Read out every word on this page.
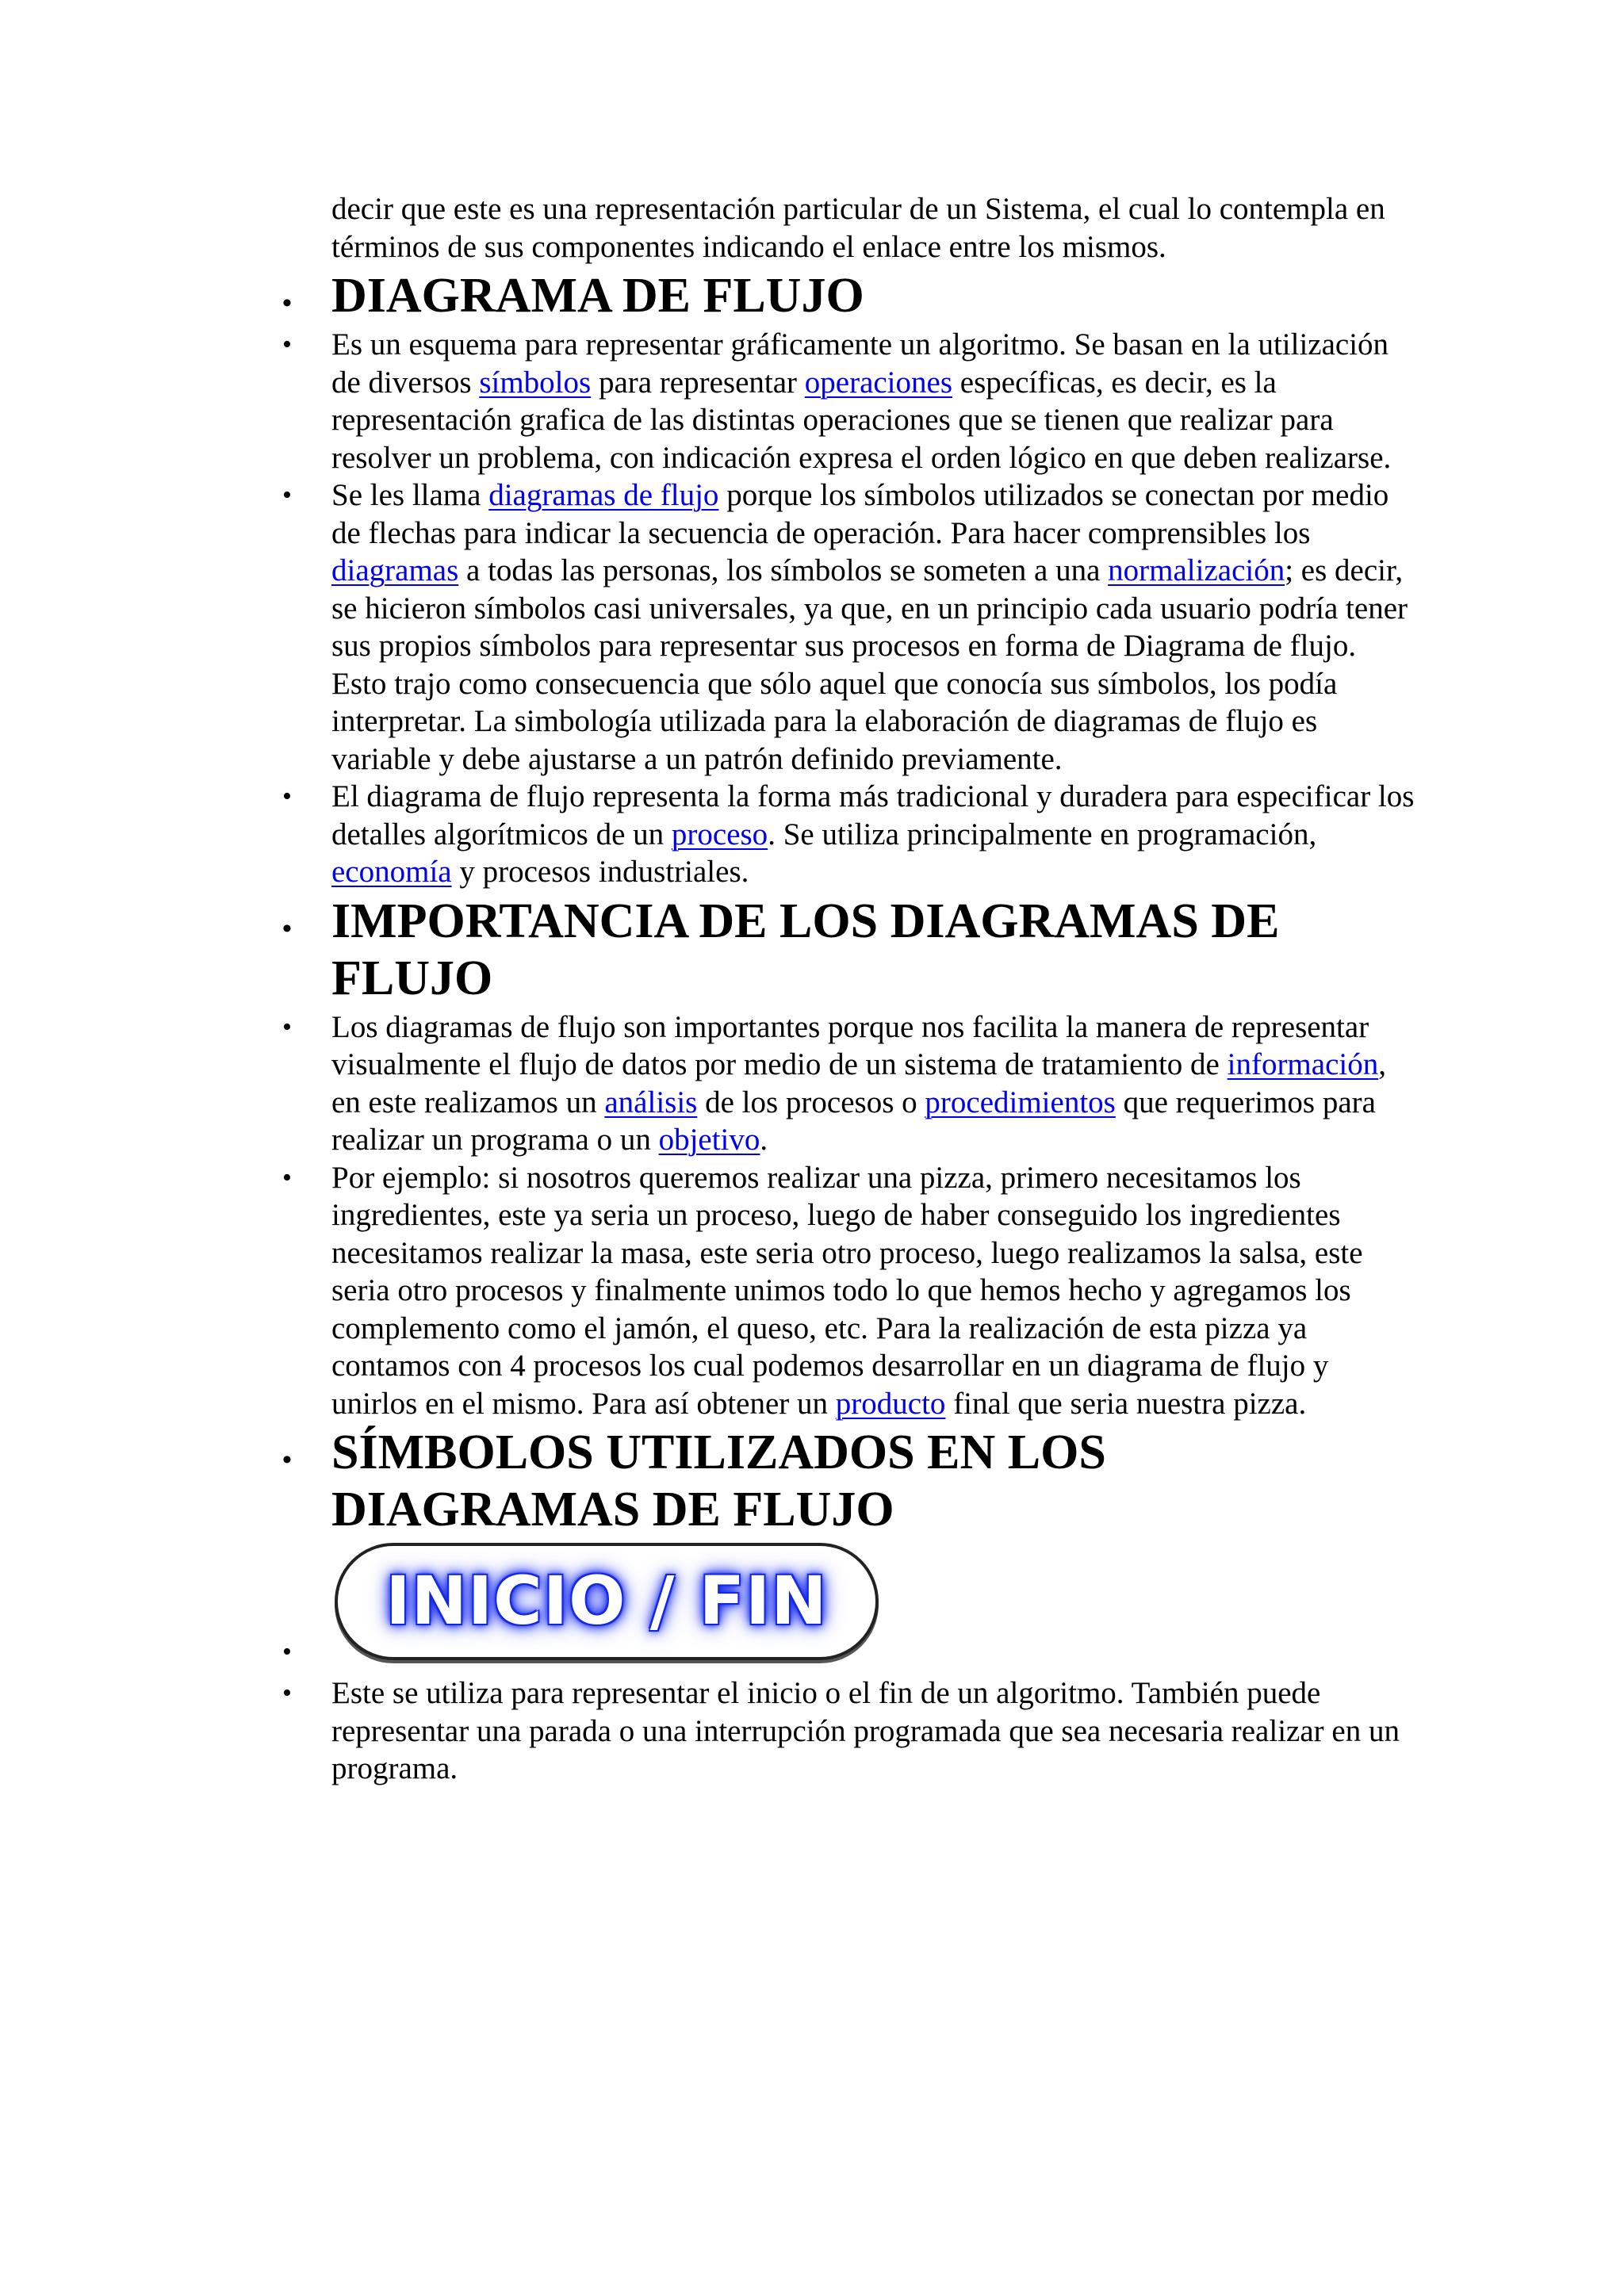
decir que este es una representación particular de un Sistema, el cual lo contempla en términos de sus componentes indicando el enlace entre los mismos.
• DIAGRAMA DE FLUJO
•	Es un esquema para representar gráficamente un algoritmo. Se basan en la utilización de diversos símbolos para representar operaciones específicas, es decir, es la representación grafica de las distintas operaciones que se tienen que realizar para resolver un problema, con indicación expresa el orden lógico en que deben realizarse.
•	Se les llama diagramas de flujo porque los símbolos utilizados se conectan por medio de flechas para indicar la secuencia de operación. Para hacer comprensibles los diagramas a todas las personas, los símbolos se someten a una normalización; es decir, se hicieron símbolos casi universales, ya que, en un principio cada usuario podría tener sus propios símbolos para representar sus procesos en forma de Diagrama de flujo. Esto trajo como consecuencia que sólo aquel que conocía sus símbolos, los podía interpretar. La simbología utilizada para la elaboración de diagramas de flujo es variable y debe ajustarse a un patrón definido previamente.
•	El diagrama de flujo representa la forma más tradicional y duradera para especificar los detalles algorítmicos de un proceso. Se utiliza principalmente en programación, economía y procesos industriales.
• IMPORTANCIA DE LOS DIAGRAMAS DE FLUJO
•	Los diagramas de flujo son importantes porque nos facilita la manera de representar visualmente el flujo de datos por medio de un sistema de tratamiento de información, en este realizamos un análisis de los procesos o procedimientos que requerimos para realizar un programa o un objetivo.
•	Por ejemplo: si nosotros queremos realizar una pizza, primero necesitamos los ingredientes, este ya seria un proceso, luego de haber conseguido los ingredientes necesitamos realizar la masa, este seria otro proceso, luego realizamos la salsa, este seria otro procesos y finalmente unimos todo lo que hemos hecho y agregamos los complemento como el jamón, el queso, etc. Para la realización de esta pizza ya contamos con 4 procesos los cual podemos desarrollar en un diagrama de flujo y unirlos en el mismo. Para así obtener un producto final que seria nuestra pizza.
• SÍMBOLOS UTILIZADOS EN LOS DIAGRAMAS DE FLUJO
•
INICIO / FIN
•	Este se utiliza para representar el inicio o el fin de un algoritmo. También puede representar una parada o una interrupción programada que sea necesaria realizar en un programa.
